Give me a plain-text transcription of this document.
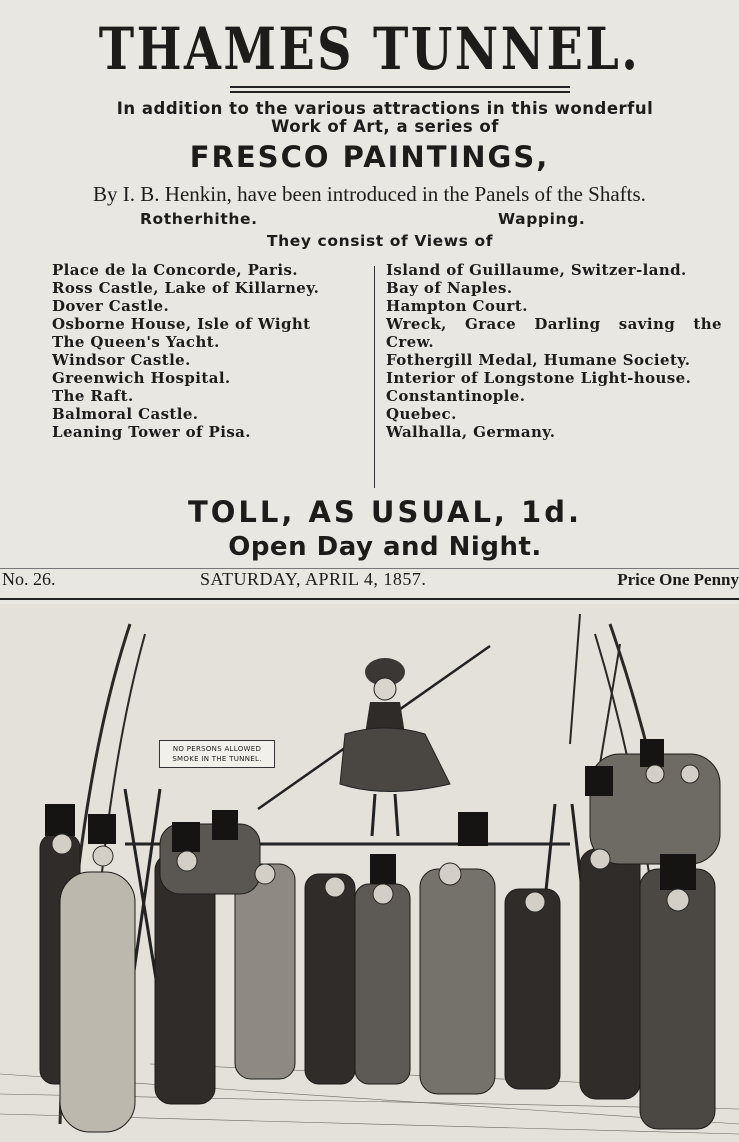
THAMES TUNNEL.
In addition to the various attractions in this wonderful
Work of Art, a series of
FRESCO PAINTINGS,
By I. B. Henkin, have been introduced in the Panels of the Shafts.
Rotherhithe.	Wapping.
They consist of Views of

Place de la Concorde, Paris.

Ross Castle, Lake of Killarney.

Dover Castle.

Osborne House, Isle of Wight

The Queen's Yacht.

Windsor Castle.

Greenwich Hospital.

The Raft.

Balmoral Castle.

Leaning Tower of Pisa.

Island of Guillaume, Switzer-land.

Bay of Naples.

Hampton Court.

Wreck, Grace Darling saving the Crew.

Fothergill Medal, Humane Society.

Interior of Longstone Light-house.

Constantinople.

Quebec.

Walhalla, Germany.

TOLL, AS USUAL, 1d.
Open Day and Night.
No. 26.	SATURDAY, APRIL 4, 1857.	Price One Penny
NO PERSONS ALLOWED
SMOKE IN THE TUNNEL.
